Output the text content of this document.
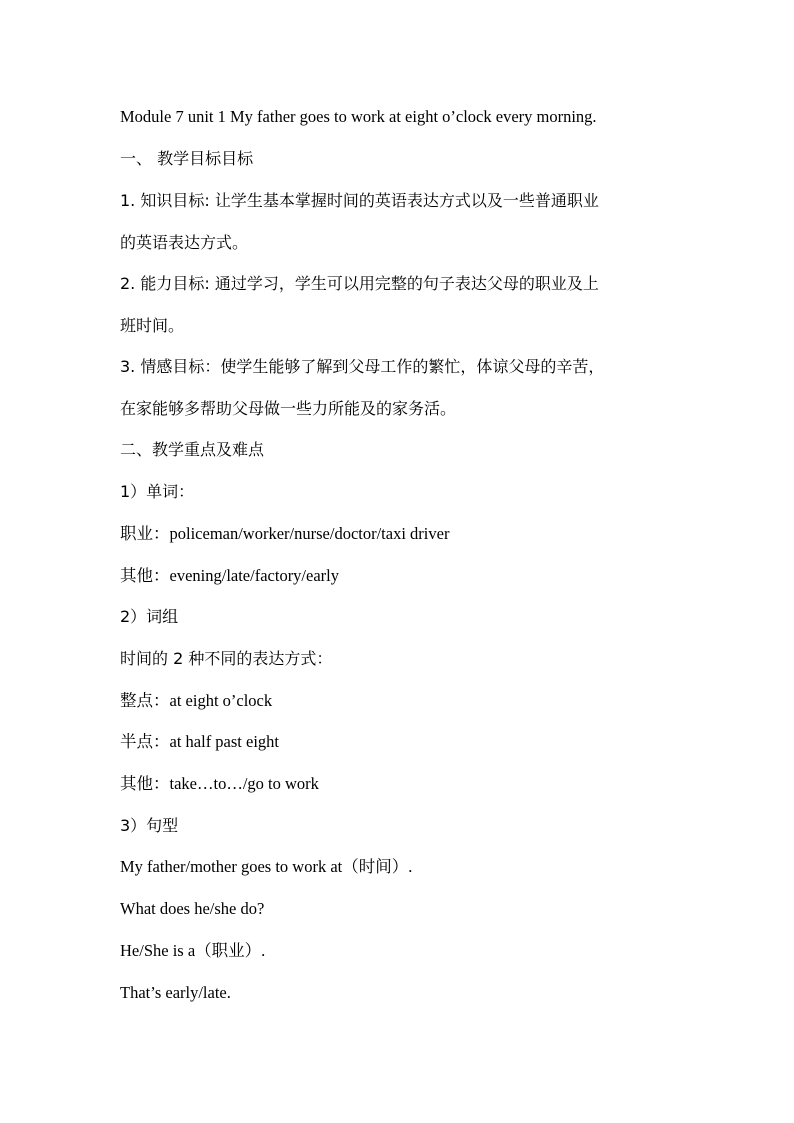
Module 7 unit 1 My father goes to work at eight o’clock every morning.
一、 教学目标目标
1. 知识目标: 让学生基本掌握时间的英语表达方式以及一些普通职业
的英语表达方式。
2. 能力目标: 通过学习，学生可以用完整的句子表达父母的职业及上
班时间。
3. 情感目标：使学生能够了解到父母工作的繁忙，体谅父母的辛苦，
在家能够多帮助父母做一些力所能及的家务活。
二、教学重点及难点
1）单词：
职业：policeman/worker/nurse/doctor/taxi driver
其他：evening/late/factory/early
2）词组
时间的 2 种不同的表达方式：
整点：at eight o’clock
半点：at half past eight
其他：take…to…/go to work
3）句型
My father/mother goes to work at（时间）.
What does he/she do?
He/She is a（职业）.
That’s early/late.
